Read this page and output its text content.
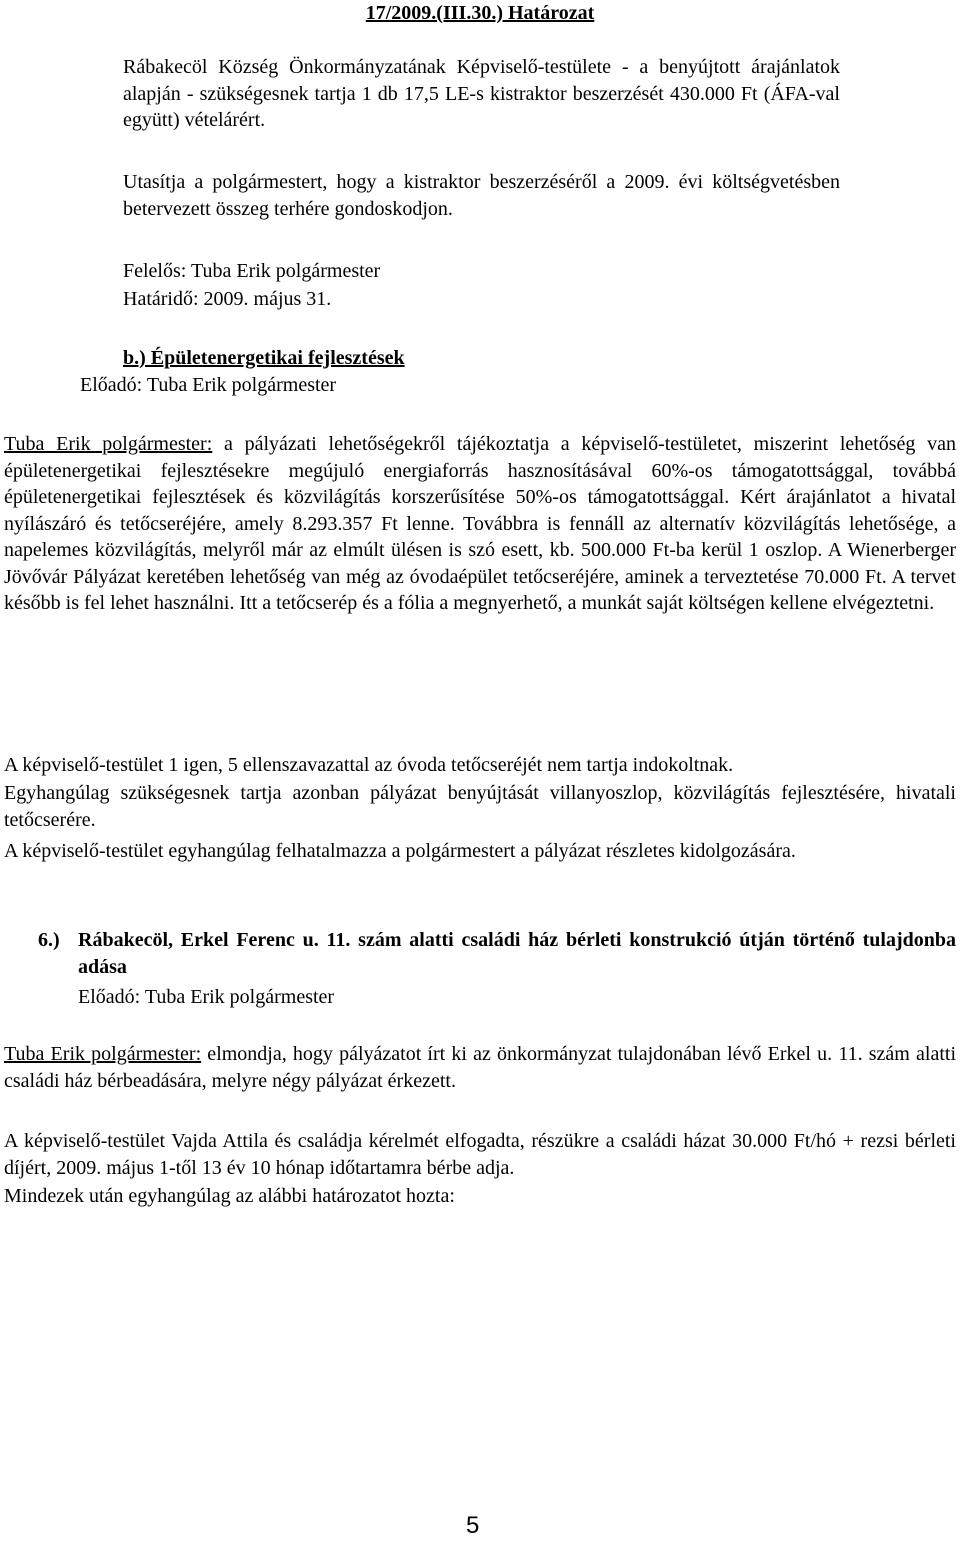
17/2009.(III.30.) Határozat
Rábakecöl Község Önkormányzatának Képviselő-testülete - a benyújtott árajánlatok alapján - szükségesnek tartja 1 db 17,5 LE-s kistraktor beszerzését 430.000 Ft (ÁFA-val együtt) vételárért.
Utasítja a polgármestert, hogy a kistraktor beszerzéséről a 2009. évi költségvetésben betervezett összeg terhére gondoskodjon.
Felelős: Tuba Erik polgármester
Határidő: 2009. május 31.
b.) Épületenergetikai fejlesztések
Előadó: Tuba Erik polgármester
Tuba Erik polgármester: a pályázati lehetőségekről tájékoztatja a képviselő-testületet, miszerint lehetőség van épületenergetikai fejlesztésekre megújuló energiaforrás hasznosításával 60%-os támogatottsággal, továbbá épületenergetikai fejlesztések és közvilágítás korszerűsítése 50%-os támogatottsággal. Kért árajánlatot a hivatal nyílászáró és tetőcseréjére, amely 8.293.357 Ft lenne. Továbbra is fennáll az alternatív közvilágítás lehetősége, a napelemes közvilágítás, melyről már az elmúlt ülésen is szó esett, kb. 500.000 Ft-ba kerül 1 oszlop. A Wienerberger Jövővár Pályázat keretében lehetőség van még az óvodaépület tetőcseréjére, aminek a terveztetése 70.000 Ft. A tervet később is fel lehet használni. Itt a tetőcserép és a fólia a megnyerhető, a munkát saját költségen kellene elvégeztetni.
A képviselő-testület 1 igen, 5 ellenszavazattal az óvoda tetőcseréjét nem tartja indokoltnak.
Egyhangúlag szükségesnek tartja azonban pályázat benyújtását villanyoszlop, közvilágítás fejlesztésére, hivatali tetőcserére.
A képviselő-testület egyhangúlag felhatalmazza a polgármestert a pályázat részletes kidolgozására.
6.) Rábakecöl, Erkel Ferenc u. 11. szám alatti családi ház bérleti konstrukció útján történő tulajdonba adása
Előadó: Tuba Erik polgármester
Tuba Erik polgármester: elmondja, hogy pályázatot írt ki az önkormányzat tulajdonában lévő Erkel u. 11. szám alatti családi ház bérbeadására, melyre négy pályázat érkezett.
A képviselő-testület Vajda Attila és családja kérelmét elfogadta, részükre a családi házat 30.000 Ft/hó + rezsi bérleti díjért, 2009. május 1-től 13 év 10 hónap időtartamra bérbe adja.
Mindezek után egyhangúlag az alábbi határozatot hozta:
5
